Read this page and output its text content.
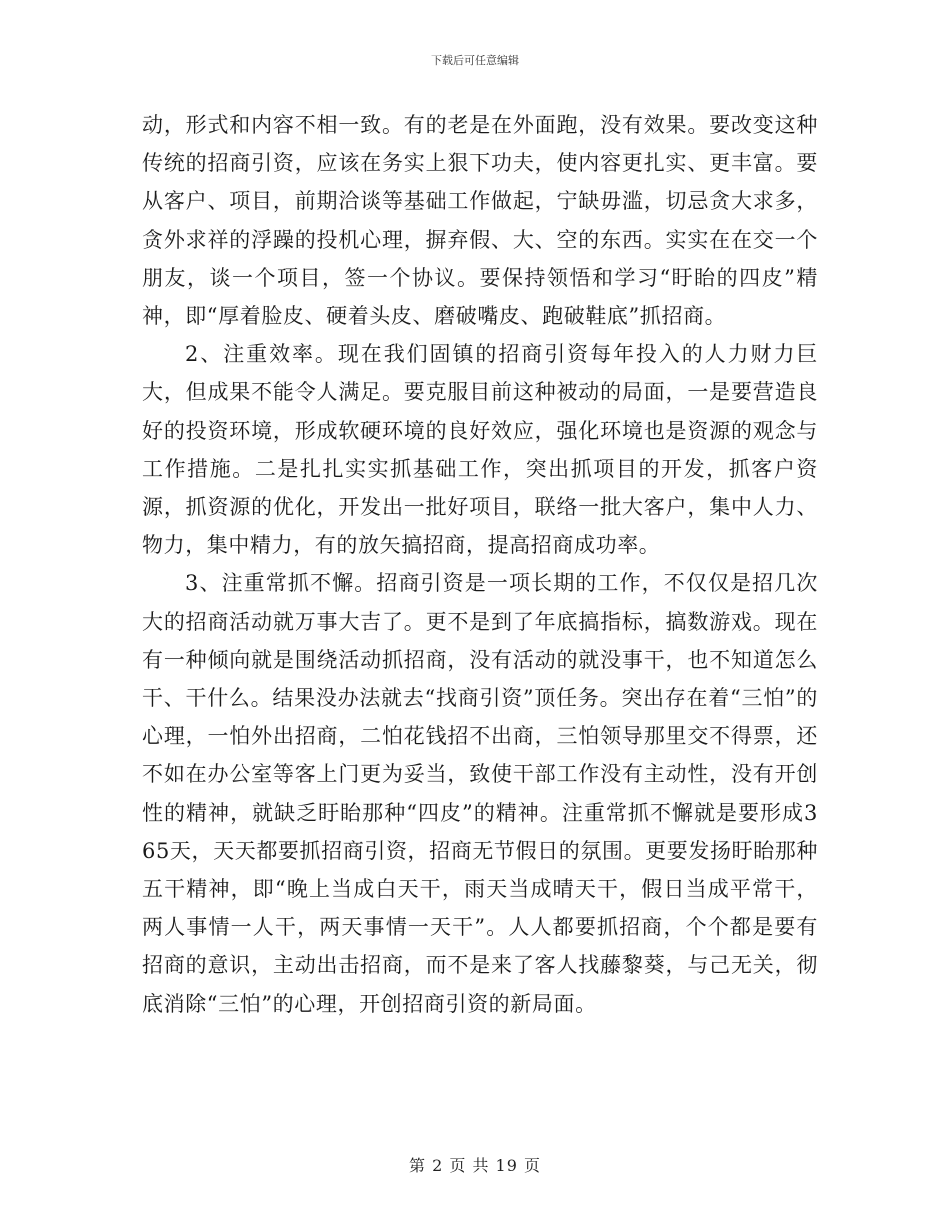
下载后可任意编辑

动，形式和内容不相一致。有的老是在外面跑，没有效果。要改变这种传统的招商引资，应该在务实上狠下功夫，使内容更扎实、更丰富。要从客户、项目，前期洽谈等基础工作做起，宁缺毋滥，切忌贪大求多，贪外求祥的浮躁的投机心理，摒弃假、大、空的东西。实实在在交一个朋友，谈一个项目，签一个协议。要保持领悟和学习“盱眙的四皮”精神，即“厚着脸皮、硬着头皮、磨破嘴皮、跑破鞋底”抓招商。

2、注重效率。现在我们固镇的招商引资每年投入的人力财力巨大，但成果不能令人满足。要克服目前这种被动的局面，一是要营造良好的投资环境，形成软硬环境的良好效应，强化环境也是资源的观念与工作措施。二是扎扎实实抓基础工作，突出抓项目的开发，抓客户资源，抓资源的优化，开发出一批好项目，联络一批大客户，集中人力、物力，集中精力，有的放矢搞招商，提高招商成功率。

3、注重常抓不懈。招商引资是一项长期的工作，不仅仅是招几次大的招商活动就万事大吉了。更不是到了年底搞指标，搞数游戏。现在有一种倾向就是围绕活动抓招商，没有活动的就没事干，也不知道怎么干、干什么。结果没办法就去“找商引资”顶任务。突出存在着“三怕”的心理，一怕外出招商，二怕花钱招不出商，三怕领导那里交不得票，还不如在办公室等客上门更为妥当，致使干部工作没有主动性，没有开创性的精神，就缺乏盱眙那种“四皮”的精神。注重常抓不懈就是要形成365天，天天都要抓招商引资，招商无节假日的氛围。更要发扬盱眙那种五干精神，即“晚上当成白天干，雨天当成晴天干，假日当成平常干，两人事情一人干，两天事情一天干”。人人都要抓招商，个个都是要有招商的意识，主动出击招商，而不是来了客人找藤黎葵，与己无关，彻底消除“三怕”的心理，开创招商引资的新局面。

第 2 页 共 19 页
